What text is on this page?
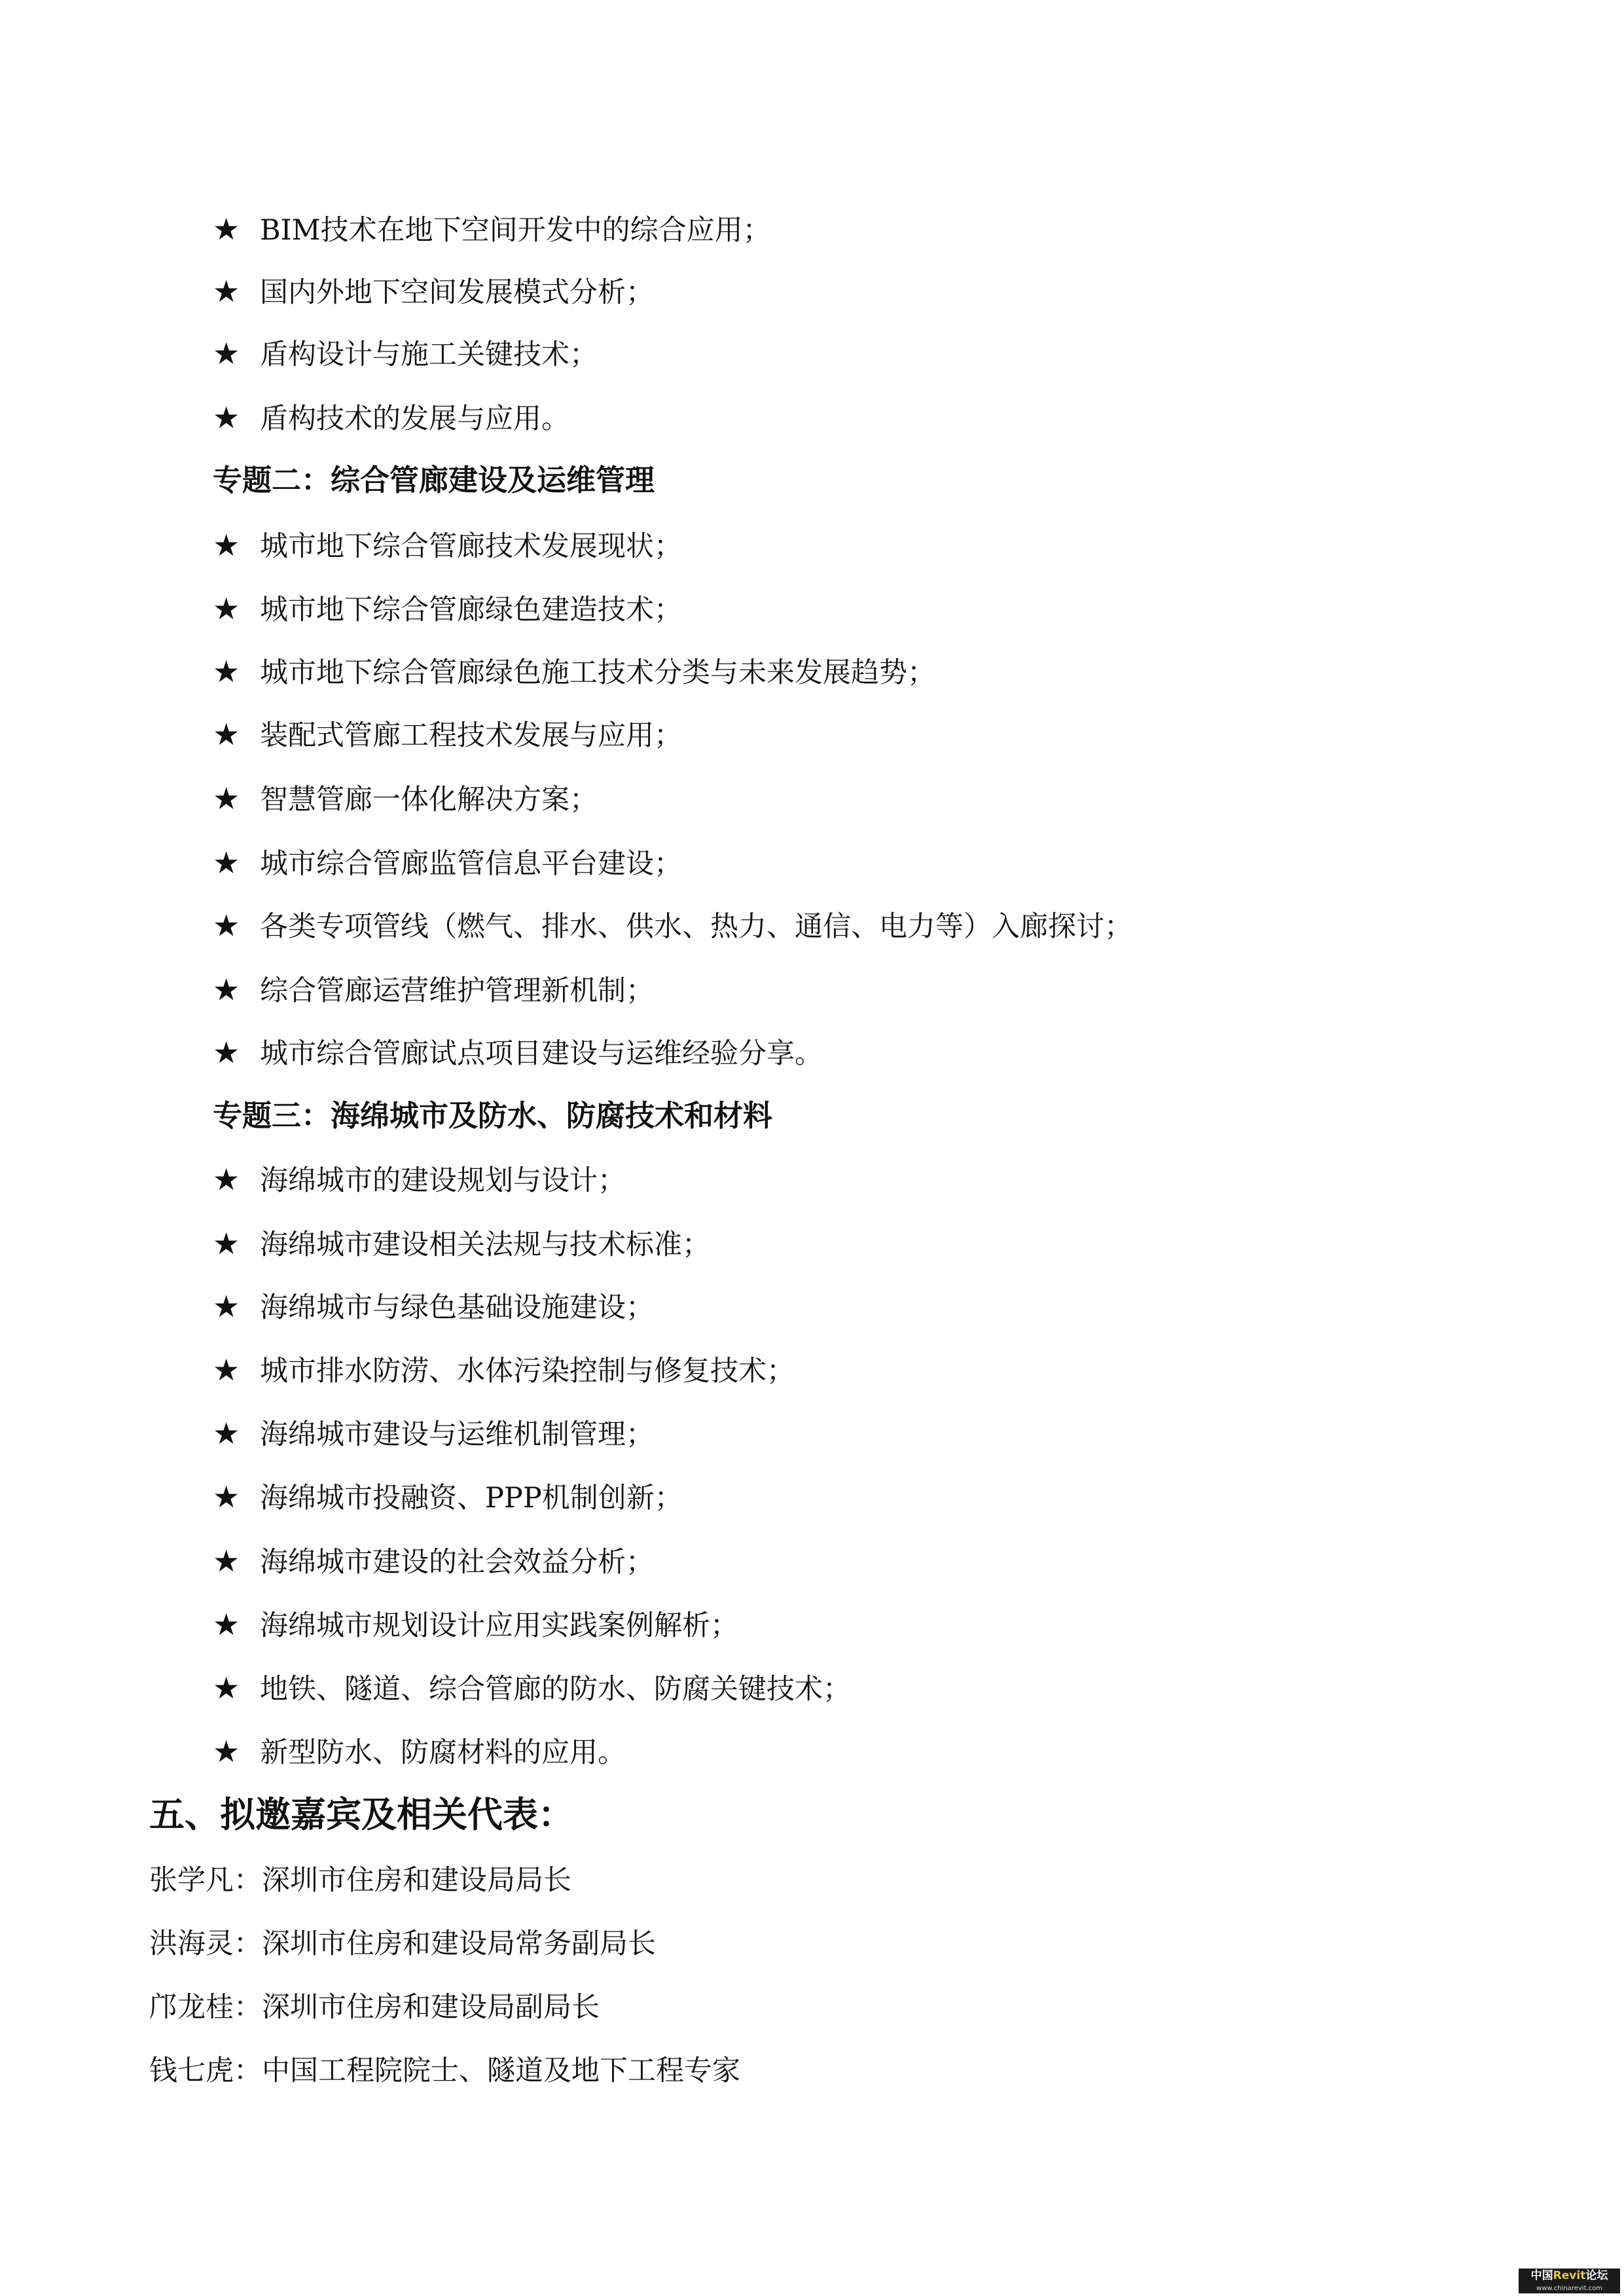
★ BIM技术在地下空间开发中的综合应用；
★ 国内外地下空间发展模式分析；
★ 盾构设计与施工关键技术；
★ 盾构技术的发展与应用。
专题二：综合管廊建设及运维管理
★ 城市地下综合管廊技术发展现状；
★ 城市地下综合管廊绿色建造技术；
★ 城市地下综合管廊绿色施工技术分类与未来发展趋势；
★ 装配式管廊工程技术发展与应用；
★ 智慧管廊一体化解决方案；
★ 城市综合管廊监管信息平台建设；
★ 各类专项管线（燃气、排水、供水、热力、通信、电力等）入廊探讨；
★ 综合管廊运营维护管理新机制；
★ 城市综合管廊试点项目建设与运维经验分享。
专题三：海绵城市及防水、防腐技术和材料
★ 海绵城市的建设规划与设计；
★ 海绵城市建设相关法规与技术标准；
★ 海绵城市与绿色基础设施建设；
★ 城市排水防涝、水体污染控制与修复技术；
★ 海绵城市建设与运维机制管理；
★ 海绵城市投融资、PPP机制创新；
★ 海绵城市建设的社会效益分析；
★ 海绵城市规划设计应用实践案例解析；
★ 地铁、隧道、综合管廊的防水、防腐关键技术；
★ 新型防水、防腐材料的应用。
五、拟邀嘉宾及相关代表：
张学凡：深圳市住房和建设局局长
洪海灵：深圳市住房和建设局常务副局长
邝龙桂：深圳市住房和建设局副局长
钱七虎：中国工程院院士、隧道及地下工程专家
中国Revit论坛
www.chinarevit.com
